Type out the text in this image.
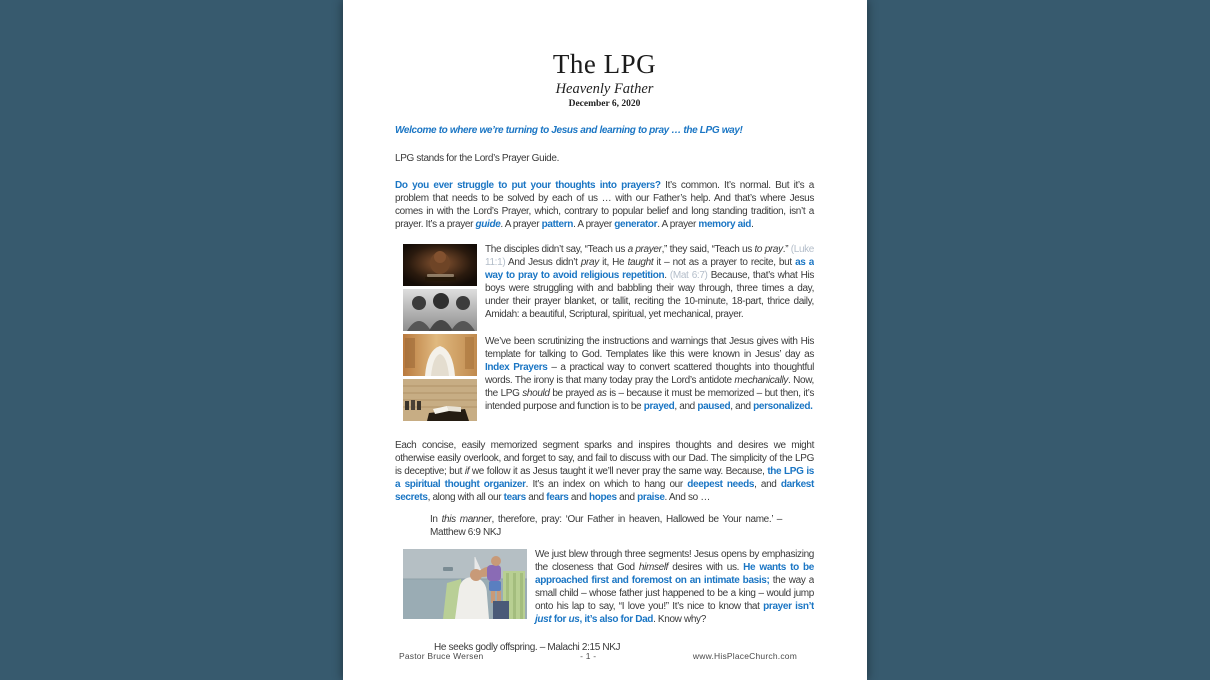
The LPG
Heavenly Father
December 6, 2020
Welcome to where we’re turning to Jesus and learning to pray … the LPG way!
LPG stands for the Lord’s Prayer Guide.
Do you ever struggle to put your thoughts into prayers? It’s common. It’s normal. But it’s a problem that needs to be solved by each of us … with our Father’s help. And that’s where Jesus comes in with the Lord’s Prayer, which, contrary to popular belief and long standing tradition, isn’t a prayer. It’s a prayer guide. A prayer pattern. A prayer generator. A prayer memory aid.
The disciples didn’t say, “Teach us a prayer,” they said, “Teach us to pray.” (Luke 11:1) And Jesus didn’t pray it, He taught it – not as a prayer to recite, but as a way to pray to avoid religious repetition. (Mat 6:7) Because, that’s what His boys were struggling with and babbling their way through, three times a day, under their prayer blanket, or tallit, reciting the 10-minute, 18-part, thrice daily, Amidah: a beautiful, Scriptural, spiritual, yet mechanical, prayer.
We’ve been scrutinizing the instructions and warnings that Jesus gives with His template for talking to God. Templates like this were known in Jesus’ day as Index Prayers – a practical way to convert scattered thoughts into thoughtful words. The irony is that many today pray the Lord’s antidote mechanically. Now, the LPG should be prayed as is – because it must be memorized – but then, it’s intended purpose and function is to be prayed, and paused, and personalized.
Each concise, easily memorized segment sparks and inspires thoughts and desires we might otherwise easily overlook, and forget to say, and fail to discuss with our Dad. The simplicity of the LPG is deceptive; but if we follow it as Jesus taught it we’ll never pray the same way. Because, the LPG is a spiritual thought organizer. It’s an index on which to hang our deepest needs, and darkest secrets, along with all our tears and fears and hopes and praise. And so …
In this manner, therefore, pray: ‘Our Father in heaven, Hallowed be Your name.’ – Matthew 6:9 NKJ
We just blew through three segments! Jesus opens by emphasizing the closeness that God himself desires with us. He wants to be approached first and foremost on an intimate basis; the way a small child – whose father just happened to be a king – would jump onto his lap to say, “I love you!” It’s nice to know that prayer isn’t just for us, it’s also for Dad. Know why?
He seeks godly offspring. – Malachi 2:15 NKJ
Pastor Bruce Wersen	- 1 -	www.HisPlaceChurch.com
